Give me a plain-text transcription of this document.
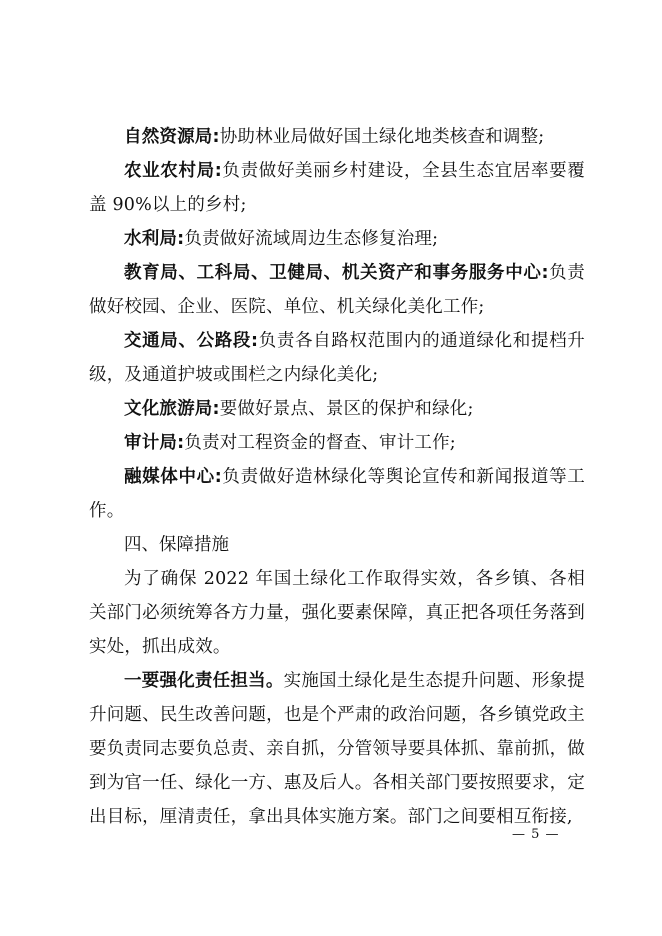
自然资源局:协助林业局做好国土绿化地类核查和调整;

农业农村局:负责做好美丽乡村建设，全县生态宜居率要覆盖 90%以上的乡村;

水利局:负责做好流域周边生态修复治理;

教育局、工科局、卫健局、机关资产和事务服务中心:负责做好校园、企业、医院、单位、机关绿化美化工作;

交通局、公路段:负责各自路权范围内的通道绿化和提档升级，及通道护坡或围栏之内绿化美化;

文化旅游局:要做好景点、景区的保护和绿化;

审计局:负责对工程资金的督查、审计工作;

融媒体中心:负责做好造林绿化等舆论宣传和新闻报道等工作。

四、保障措施

为了确保 2022 年国土绿化工作取得实效，各乡镇、各相关部门必须统筹各方力量，强化要素保障，真正把各项任务落到实处，抓出成效。

一要强化责任担当。实施国土绿化是生态提升问题、形象提升问题、民生改善问题，也是个严肃的政治问题，各乡镇党政主要负责同志要负总责、亲自抓，分管领导要具体抓、靠前抓，做到为官一任、绿化一方、惠及后人。各相关部门要按照要求，定出目标，厘清责任，拿出具体实施方案。部门之间要相互衔接,

— 5 —
